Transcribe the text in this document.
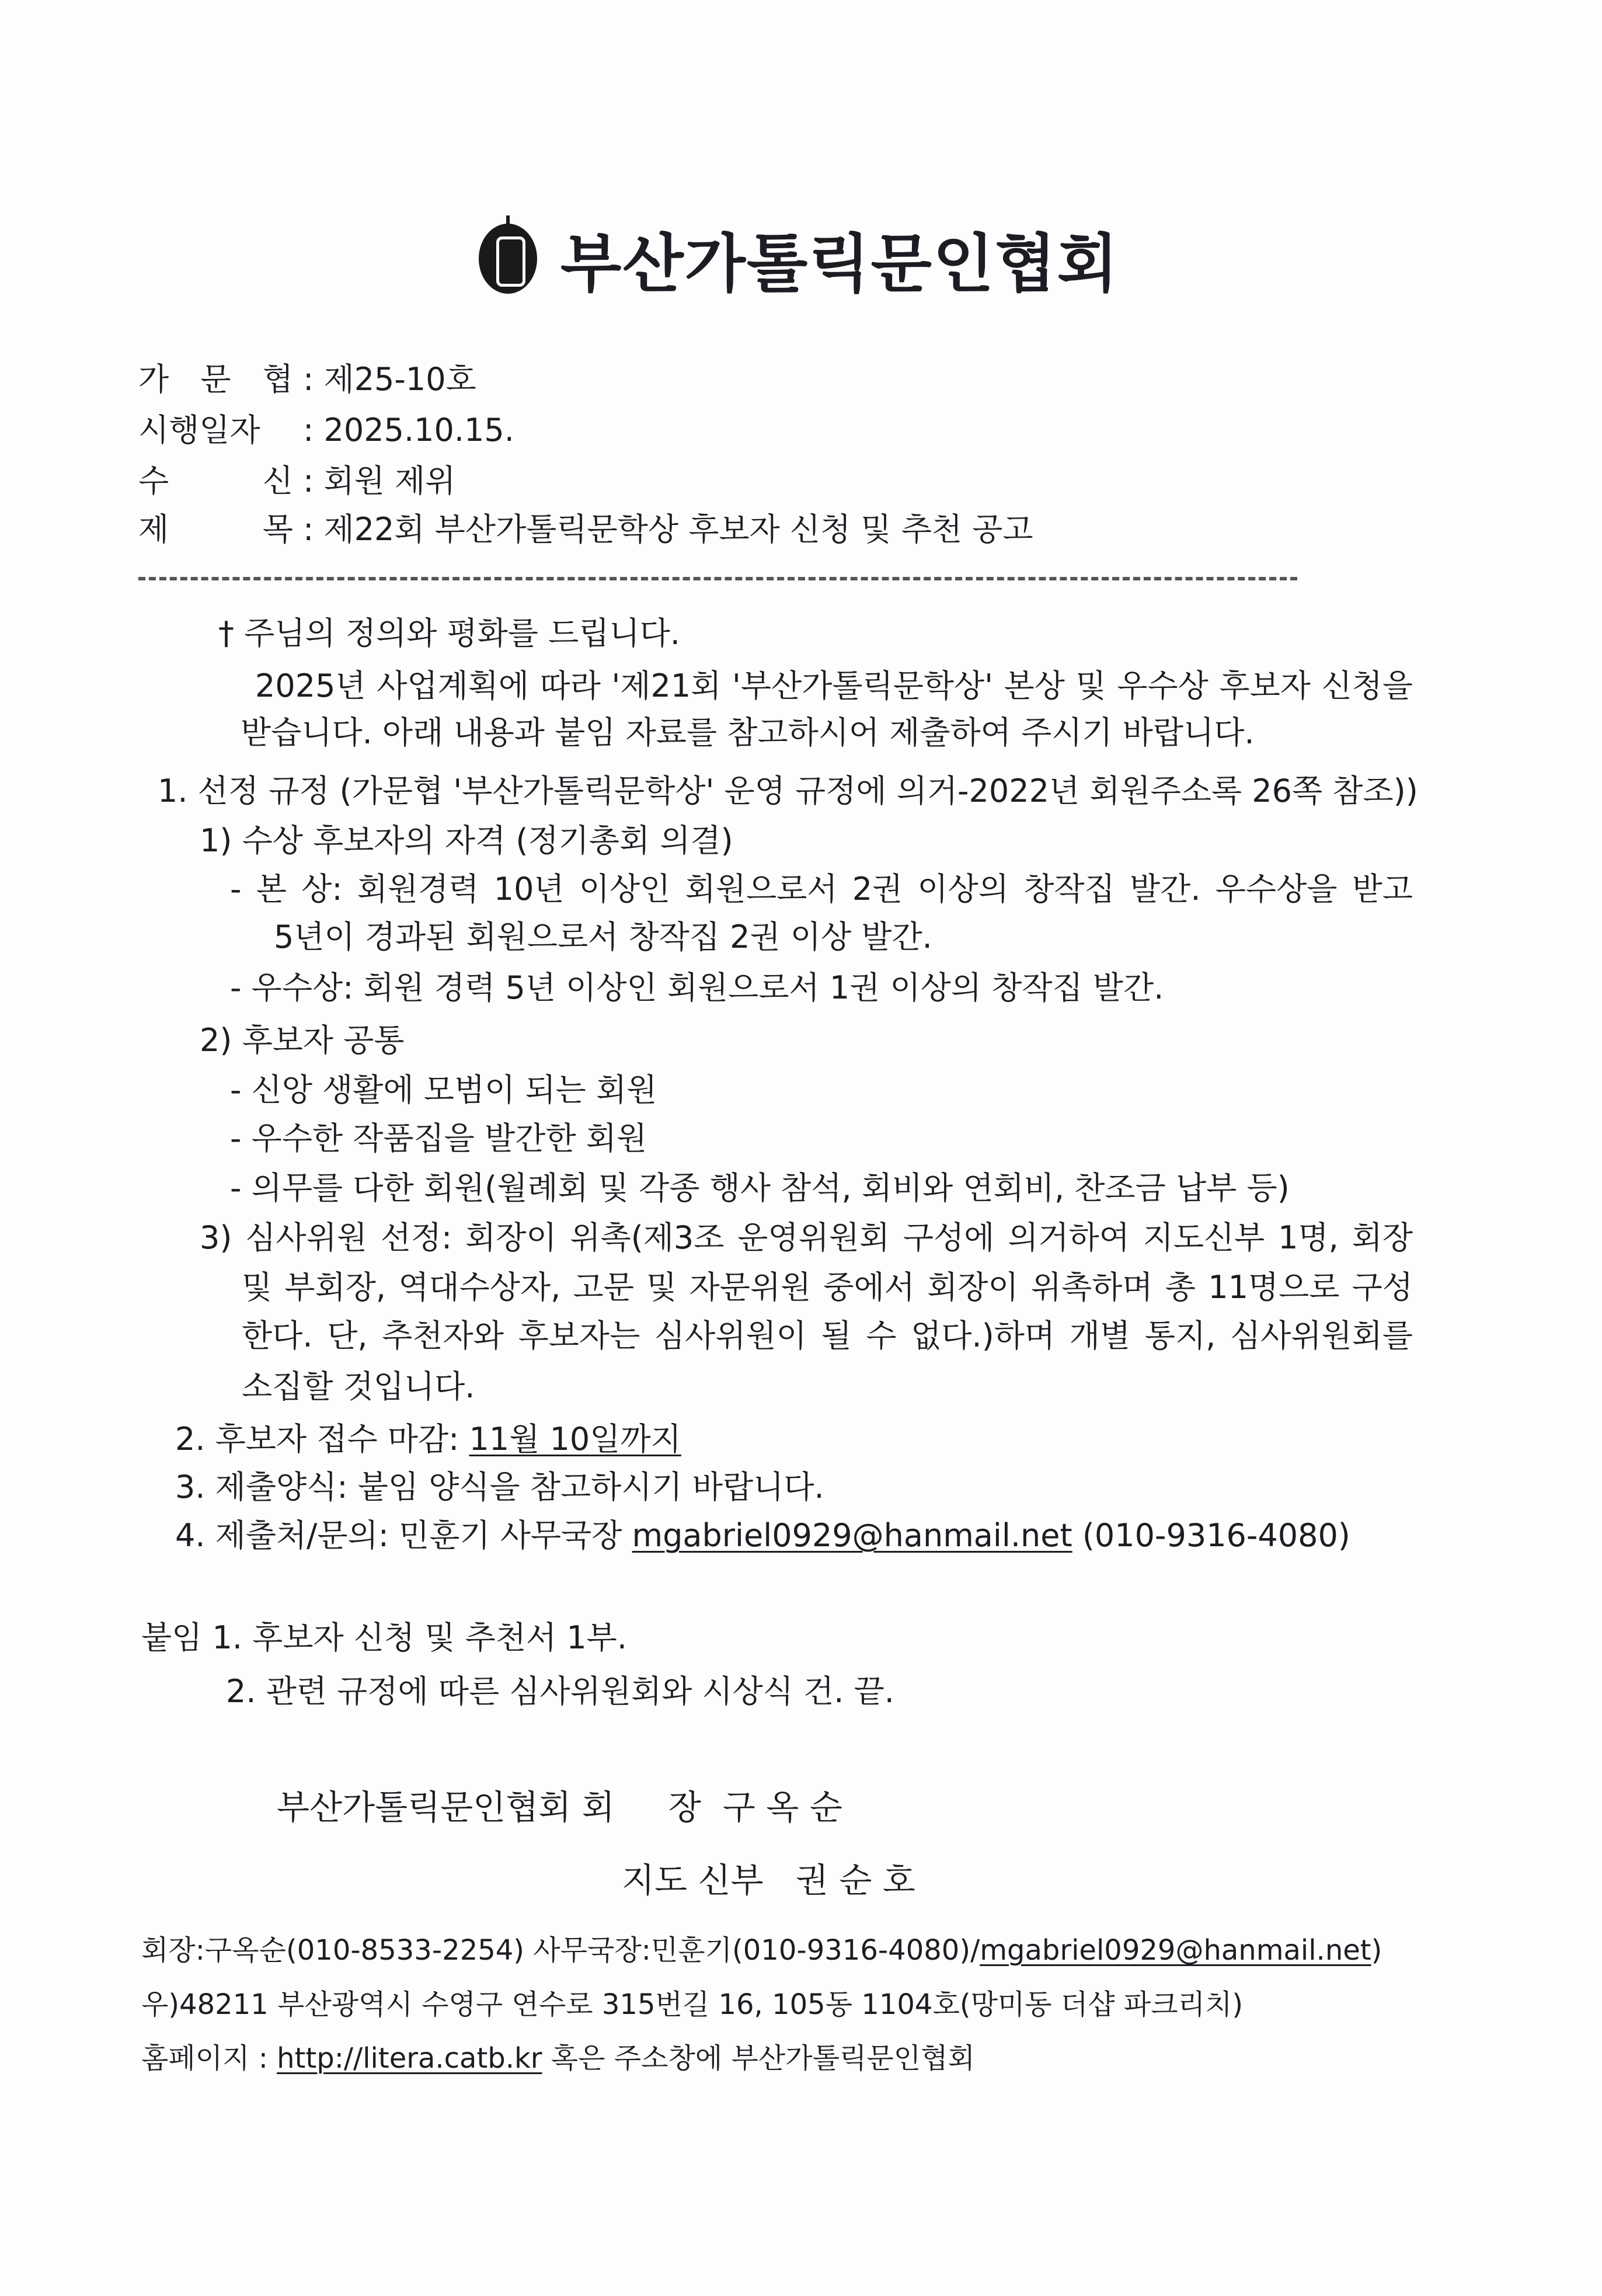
부산가톨릭문인협회
가 문 협 : 제25-10호
시행일자 : 2025.10.15.
수 신 : 회원 제위
제 목 : 제22회 부산가톨릭문학상 후보자 신청 및 추천 공고
† 주님의 정의와 평화를 드립니다.
2025년 사업계획에 따라 '제21회 '부산가톨릭문학상' 본상 및 우수상 후보자 신청을
받습니다. 아래 내용과 붙임 자료를 참고하시어 제출하여 주시기 바랍니다.
1. 선정 규정 (가문협 '부산가톨릭문학상' 운영 규정에 의거-2022년 회원주소록 26쪽 참조))
1) 수상 후보자의 자격 (정기총회 의결)
- 본 상: 회원경력 10년 이상인 회원으로서 2권 이상의 창작집 발간. 우수상을 받고
5년이 경과된 회원으로서 창작집 2권 이상 발간.
- 우수상: 회원 경력 5년 이상인 회원으로서 1권 이상의 창작집 발간.
2) 후보자 공통
- 신앙 생활에 모범이 되는 회원
- 우수한 작품집을 발간한 회원
- 의무를 다한 회원(월례회 및 각종 행사 참석, 회비와 연회비, 찬조금 납부 등)
3) 심사위원 선정: 회장이 위촉(제3조 운영위원회 구성에 의거하여 지도신부 1명, 회장
및 부회장, 역대수상자, 고문 및 자문위원 중에서 회장이 위촉하며 총 11명으로 구성
한다. 단, 추천자와 후보자는 심사위원이 될 수 없다.)하며 개별 통지, 심사위원회를
소집할 것입니다.
2. 후보자 접수 마감: 11월 10일까지
3. 제출양식: 붙임 양식을 참고하시기 바랍니다.
4. 제출처/문의: 민훈기 사무국장 mgabriel0929@hanmail.net (010-9316-4080)
붙임 1. 후보자 신청 및 추천서 1부.
2. 관련 규정에 따른 심사위원회와 시상식 건. 끝.
부산가톨릭문인협회 회     장  구 옥 순
지도 신부   권 순 호
회장:구옥순(010-8533-2254) 사무국장:민훈기(010-9316-4080)/mgabriel0929@hanmail.net)
우)48211 부산광역시 수영구 연수로 315번길 16, 105동 1104호(망미동 더샵 파크리치)
홈페이지 : http://litera.catb.kr 혹은 주소창에 부산가톨릭문인협회
